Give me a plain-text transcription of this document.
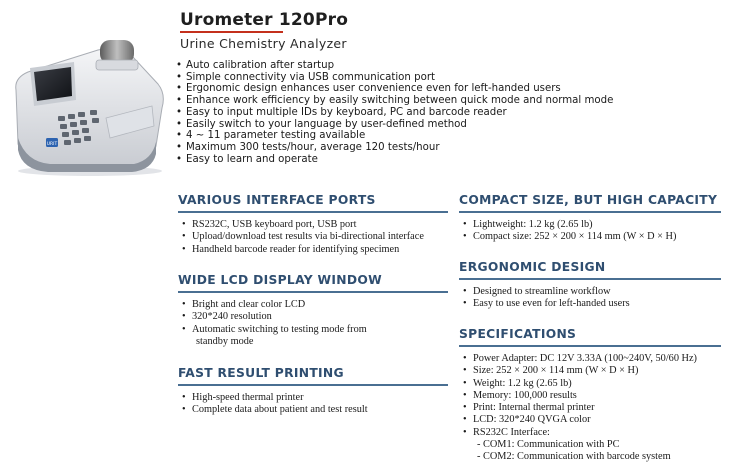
URIT
Urometer 120Pro
Urine Chemistry Analyzer
• Auto calibration after startup
• Simple connectivity via USB communication port
• Ergonomic design enhances user convenience even for left-handed users
• Enhance work efficiency by easily switching between quick mode and normal mode
• Easy to input multiple IDs by keyboard, PC and barcode reader
• Easily switch to your language by user-defined method
• 4 ~ 11 parameter testing available
• Maximum 300 tests/hour, average 120 tests/hour
• Easy to learn and operate
VARIOUS INTERFACE PORTS
• RS232C, USB keyboard port, USB port
• Upload/download test results via bi-directional interface
• Handheld barcode reader for identifying specimen
WIDE LCD DISPLAY WINDOW
• Bright and clear color LCD
• 320*240 resolution
• Automatic switching to testing mode from
standby mode
FAST RESULT PRINTING
• High-speed thermal printer
• Complete data about patient and test result
COMPACT SIZE, BUT HIGH CAPACITY
• Lightweight: 1.2 kg (2.65 lb)
• Compact size: 252 × 200 × 114 mm (W × D × H)
ERGONOMIC DESIGN
• Designed to streamline workflow
• Easy to use even for left-handed users
SPECIFICATIONS
• Power Adapter: DC 12V 3.33A (100~240V, 50/60 Hz)
• Size: 252 × 200 × 114 mm (W × D × H)
• Weight: 1.2 kg (2.65 lb)
• Memory: 100,000 results
• Print: Internal thermal printer
• LCD: 320*240 QVGA color
• RS232C Interface:
- COM1: Communication with PC
- COM2: Communication with barcode system
